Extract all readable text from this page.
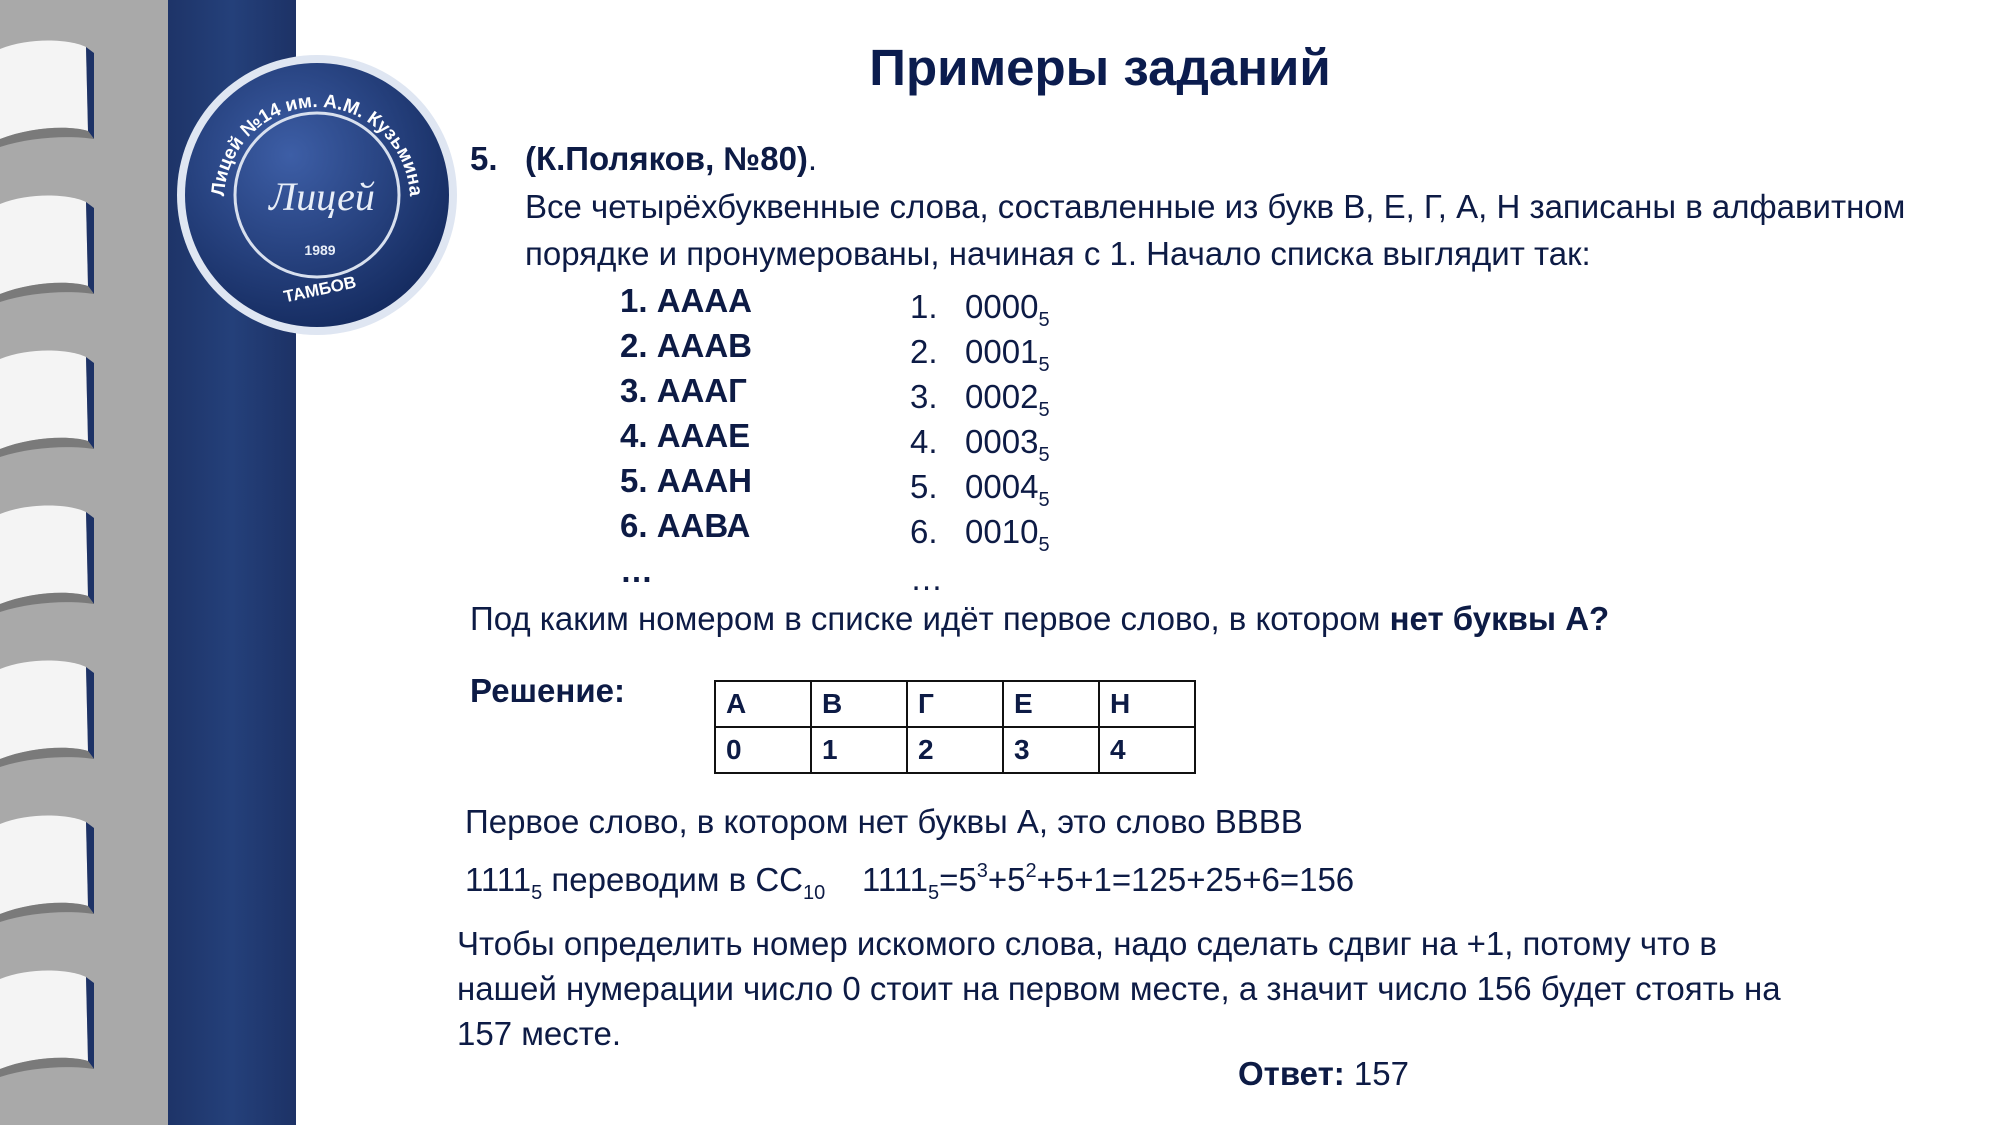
Лицей №14 им. А.М. Кузьмина
Лицей
1989
ТАМБОВ
Примеры заданий
5. (К.Поляков, №80).
Все четырёхбуквенные слова, составленные из букв В, Е, Г, А, Н записаны в алфавитном
порядке и пронумерованы, начиная с 1. Начало списка выглядит так:
1. АААА
2. АААВ
3. АААГ
4. АААЕ
5. АААН
6. ААВА
…
1. $0000_5$
2. $0001_5$
3. $0002_5$
4. $0003_5$
5. $0004_5$
6. $0010_5$
…
Под каким номером в списке идёт первое слово, в котором нет буквы А?
Решение:	А	В	Г	Е	Н
0	1	2	3	4
Первое слово, в котором нет буквы А, это слово ВВВВ
$1111_5$ переводим в $СС_{10}$ $1111_5=5^3+5^2+5+1=125+25+6=156$
Чтобы определить номер искомого слова, надо сделать сдвиг на +1, потому что в
нашей нумерации число 0 стоит на первом месте, а значит число 156 будет стоять на
157 месте.
Ответ: 157
